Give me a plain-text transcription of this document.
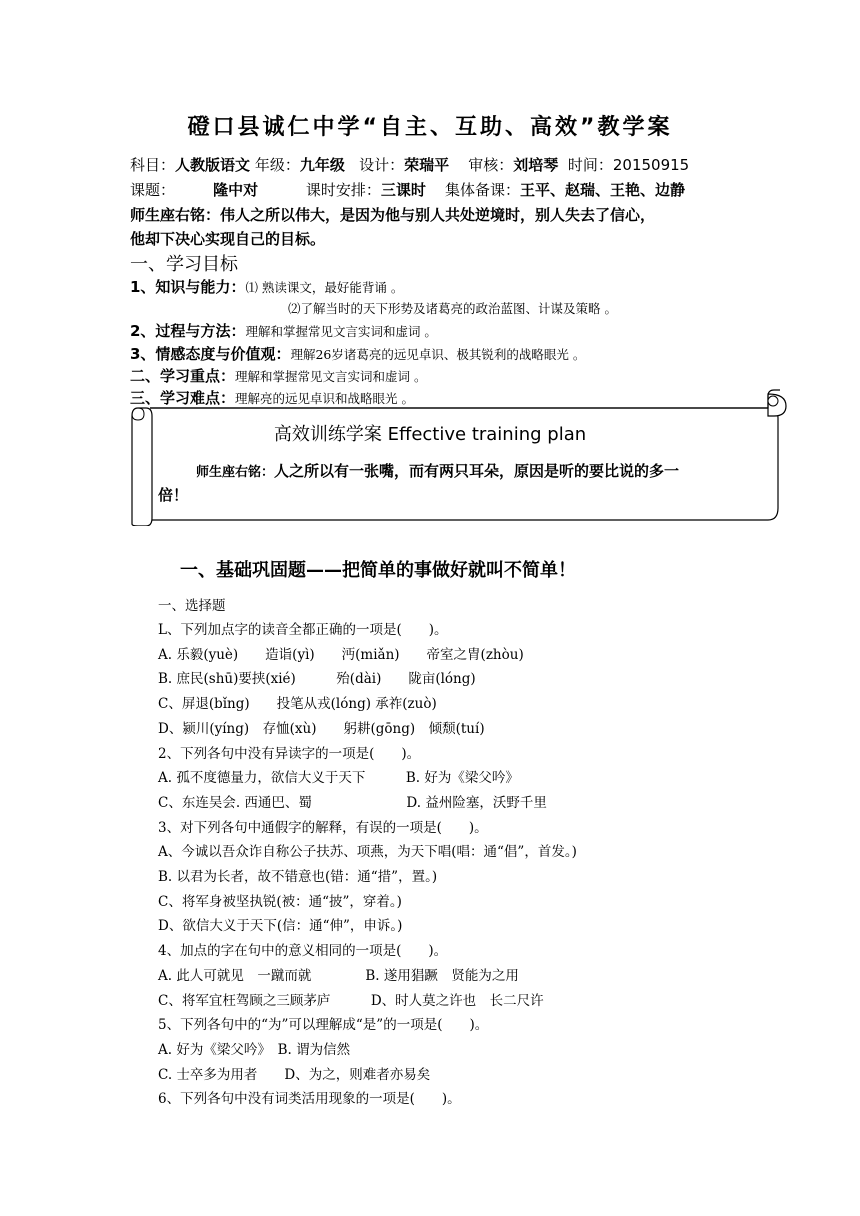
磴口县诚仁中学“自主、互助、高效”教学案
科目：人教版语文 年级：九年级 设计：荣瑞平 审核：刘培琴 时间：20150915
课题：	隆中对	课时安排：三课时 集体备课：王平、赵瑞、王艳、边静
师生座右铭：伟人之所以伟大，是因为他与别人共处逆境时，别人失去了信心，
他却下决心实现自己的目标。
一、学习目标
1、知识与能力：⑴ 熟读课文，最好能背诵 。
⑵了解当时的天下形势及诸葛亮的政治蓝图、计谋及策略 。
2、过程与方法：理解和掌握常见文言实词和虚词 。
3、情感态度与价值观：理解26岁诸葛亮的远见卓识、极其锐利的战略眼光 。
二、学习重点：理解和掌握常见文言实词和虚词 。
三、学习难点：理解亮的远见卓识和战略眼光 。
高效训练学案 Effective training plan
师生座右铭：人之所以有一张嘴，而有两只耳朵，原因是听的要比说的多一
倍！
一、基础巩固题——把简单的事做好就叫不简单！
一、选择题
L、下列加点字的读音全都正确的一项是(　　)。
A. 乐毅(yuè)　　造诣(yì)　　沔(miǎn)　　帝室之胄(zhòu)
B. 庶民(shū)要挟(xié)　　　殆(dài)　　陇亩(lóng)
C、屏退(bǐng)　　投笔从戎(lóng) 承祚(zuò)
D、颍川(yíng)　存恤(xù)　　躬耕(gōng)　倾颓(tuí)
2、下列各句中没有异读字的一项是(　　)。
A. 孤不度德量力，欲信大义于天下　　　B. 好为《梁父吟》
C、东连吴会. 西通巴、蜀　　　　　　　D. 益州险塞，沃野千里
3、对下列各句中通假字的解释，有误的一项是(　　)。
A、今诚以吾众诈自称公子扶苏、项燕，为天下唱(唱：通“倡”，首发。)
B. 以君为长者，故不错意也(错：通“措”，置。)
C、将军身被坚执锐(被：通“披”，穿着。)
D、欲信大义于天下(信：通“伸”，申诉。)
4、加点的字在句中的意义相同的一项是(　　)。
A. 此人可就见　一蹴而就　　　　B. 遂用猖蹶　贤能为之用
C、将军宜枉驾顾之三顾茅庐　　　D、时人莫之许也　长二尺许
5、下列各句中的“为”可以理解成“是”的一项是(　　)。
A. 好为《梁父吟》　B. 谓为信然
C. 士卒多为用者　　D、为之，则难者亦易矣
6、下列各句中没有词类活用现象的一项是(　　)。
